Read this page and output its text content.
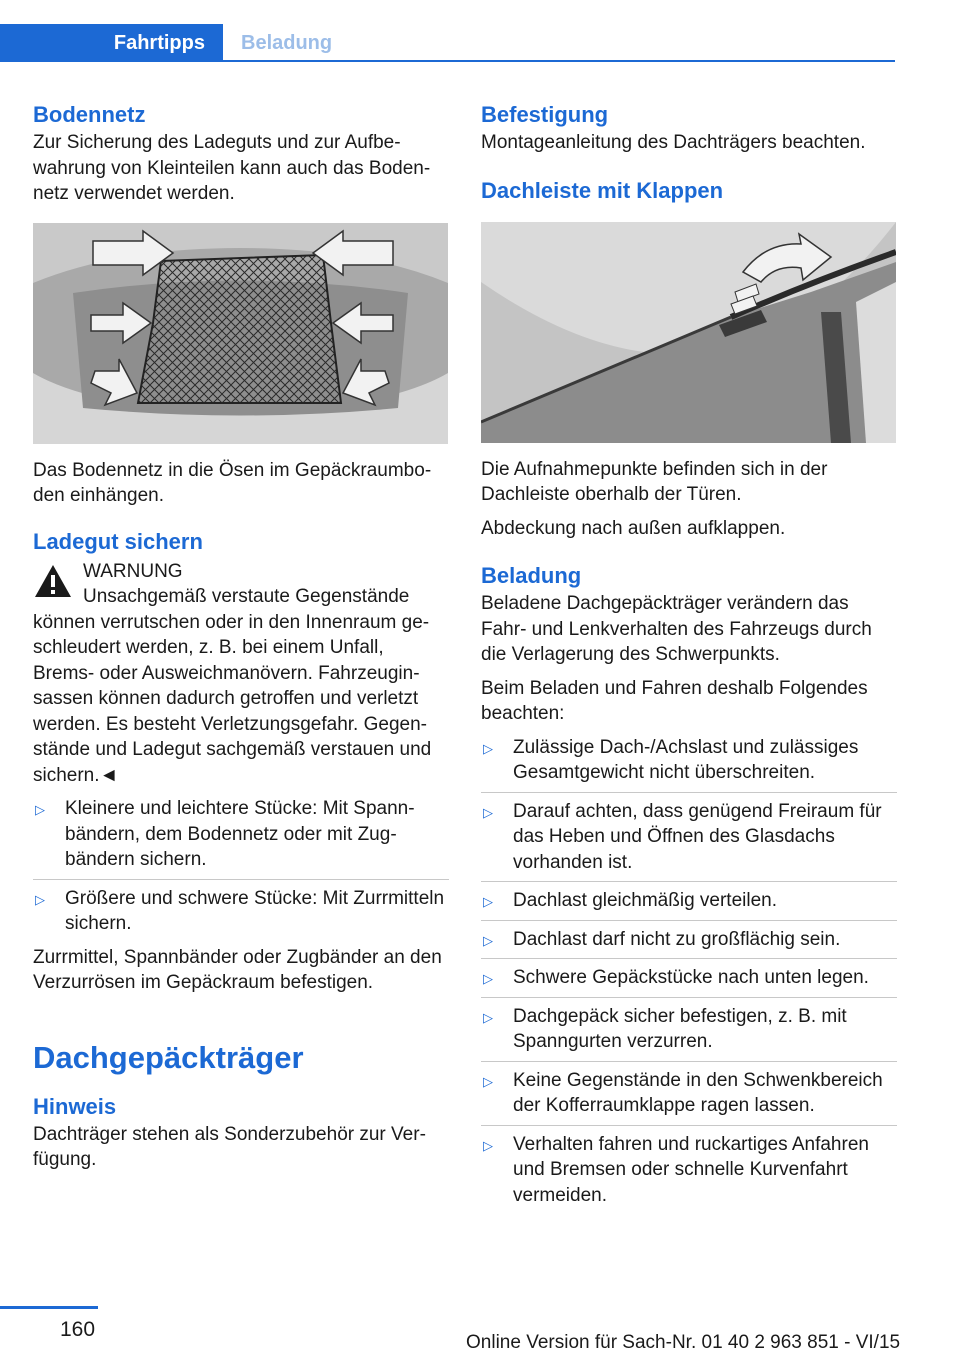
Fahrtipps	Beladung
Bodennetz

Zur Sicherung des Ladeguts und zur Aufbewahrung von Kleinteilen kann auch das Bodennetz verwendet werden.

Das Bodennetz in die Ösen im Gepäckraumboden einhängen.

Ladegut sichern
WARNUNG

Unsachgemäß verstaute Gegenstände können verrutschen oder in den Innenraum geschleudert werden, z. B. bei einem Unfall, Brems- oder Ausweichmanövern. Fahrzeuginsassen können dadurch getroffen und verletzt werden. Es besteht Verletzungsgefahr. Gegenstände und Ladegut sachgemäß verstauen und sichern.◄

▷ Kleinere und leichtere Stücke: Mit Spannbändern, dem Bodennetz oder mit Zugbändern sichern.
▷ Größere und schwere Stücke: Mit Zurrmitteln sichern.

Zurrmittel, Spannbänder oder Zugbänder an den Verzurrösen im Gepäckraum befestigen.

Dachgepäckträger
Hinweis

Dachträger stehen als Sonderzubehör zur Verfügung.

Befestigung

Montageanleitung des Dachträgers beachten.

Dachleiste mit Klappen

Die Aufnahmepunkte befinden sich in der Dachleiste oberhalb der Türen.

Abdeckung nach außen aufklappen.

Beladung

Beladene Dachgepäckträger verändern das Fahr- und Lenkverhalten des Fahrzeugs durch die Verlagerung des Schwerpunkts.

Beim Beladen und Fahren deshalb Folgendes beachten:

▷ Zulässige Dach-/Achslast und zulässiges Gesamtgewicht nicht überschreiten.
▷ Darauf achten, dass genügend Freiraum für das Heben und Öffnen des Glasdachs vorhanden ist.
▷ Dachlast gleichmäßig verteilen.
▷ Dachlast darf nicht zu großflächig sein.
▷ Schwere Gepäckstücke nach unten legen.
▷ Dachgepäck sicher befestigen, z. B. mit Spanngurten verzurren.
▷ Keine Gegenstände in den Schwenkbereich der Kofferraumklappe ragen lassen.
▷ Verhalten fahren und ruckartiges Anfahren und Bremsen oder schnelle Kurvenfahrt vermeiden.
160
Online Version für Sach-Nr. 01 40 2 963 851 - VI/15
